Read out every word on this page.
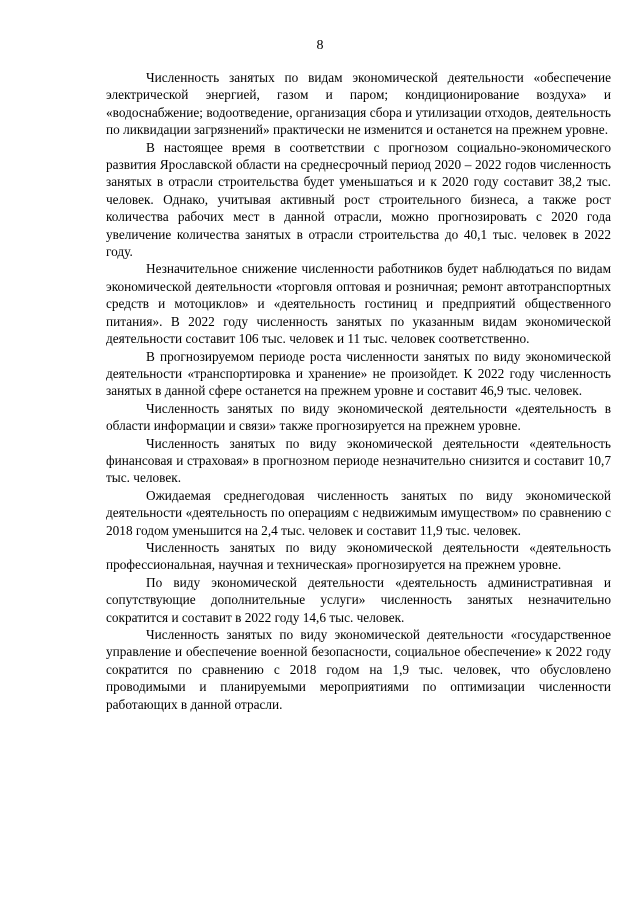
8

Численность занятых по видам экономической деятельности «обеспечение электрической энергией, газом и паром; кондиционирование воздуха» и «водоснабжение; водоотведение, организация сбора и утилизации отходов, деятельность по ликвидации загрязнений» практически не изменится и останется на прежнем уровне.

В настоящее время в соответствии с прогнозом социально-экономического развития Ярославской области на среднесрочный период 2020 – 2022 годов численность занятых в отрасли строительства будет уменьшаться и к 2020 году составит 38,2 тыс. человек. Однако, учитывая активный рост строительного бизнеса, а также рост количества рабочих мест в данной отрасли, можно прогнозировать с 2020 года увеличение количества занятых в отрасли строительства до 40,1 тыс. человек в 2022 году.

Незначительное снижение численности работников будет наблюдаться по видам экономической деятельности «торговля оптовая и розничная; ремонт автотранспортных средств и мотоциклов» и «деятельность гостиниц и предприятий общественного питания». В 2022 году численность занятых по указанным видам экономической деятельности составит 106 тыс. человек и 11 тыс. человек соответственно.

В прогнозируемом периоде роста численности занятых по виду экономической деятельности «транспортировка и хранение» не произойдет. К 2022 году численность занятых в данной сфере останется на прежнем уровне и составит 46,9 тыс. человек.

Численность занятых по виду экономической деятельности «деятельность в области информации и связи» также прогнозируется на прежнем уровне.

Численность занятых по виду экономической деятельности «деятельность финансовая и страховая» в прогнозном периоде незначительно снизится и составит 10,7 тыс. человек.

Ожидаемая среднегодовая численность занятых по виду экономической деятельности «деятельность по операциям с недвижимым имуществом» по сравнению с 2018 годом уменьшится на 2,4 тыс. человек и составит 11,9 тыс. человек.

Численность занятых по виду экономической деятельности «деятельность профессиональная, научная и техническая» прогнозируется на прежнем уровне.

По виду экономической деятельности «деятельность административная и сопутствующие дополнительные услуги» численность занятых незначительно сократится и составит в 2022 году 14,6 тыс. человек.

Численность занятых по виду экономической деятельности «государственное управление и обеспечение военной безопасности, социальное обеспечение» к 2022 году сократится по сравнению с 2018 годом на 1,9 тыс. человек, что обусловлено проводимыми и планируемыми мероприятиями по оптимизации численности работающих в данной отрасли.
